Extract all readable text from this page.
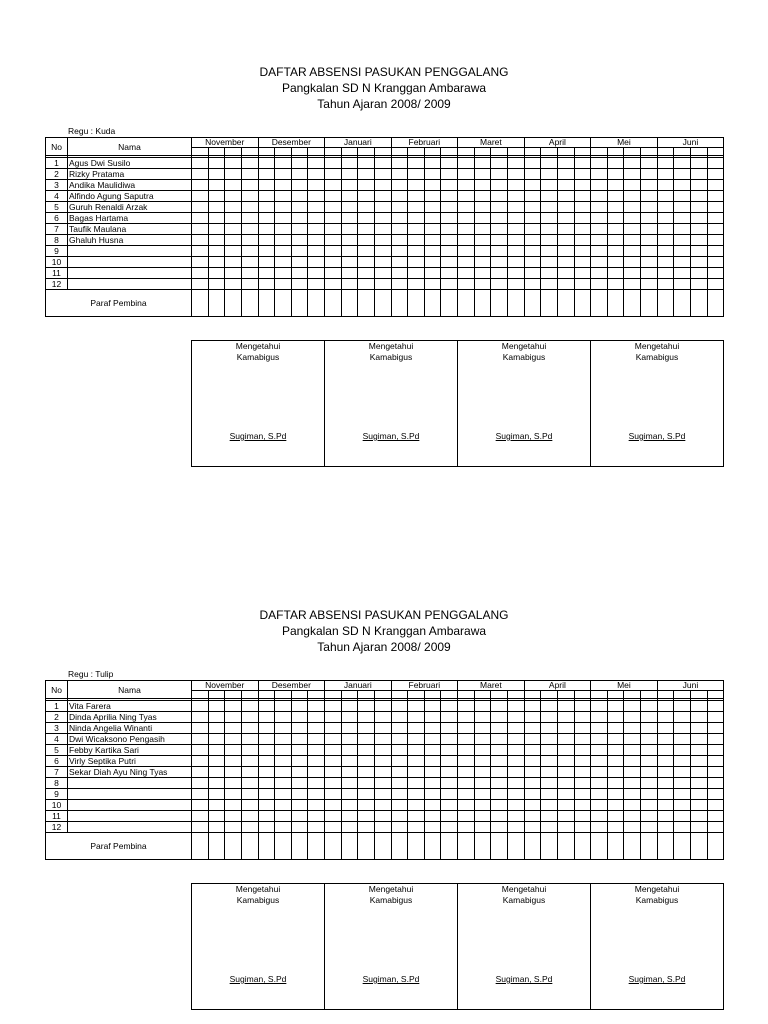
DAFTAR ABSENSI PASUKAN PENGGALANG
Pangkalan SD N Kranggan Ambarawa
Tahun Ajaran 2008/ 2009
Regu : Kuda
No	Nama	November				Desember				Januari				Februari				Maret				April				Mei				Juni			

1	Agus Dwi Susilo																																
2	Rizky Pratama																																
3	Andika Maulidiwa																																
4	Alfindo Agung Saputra																																
5	Guruh Renaldi Arzak																																
6	Bagas Hartama																																
7	Taufik Maulana																																
8	Ghaluh Husna																																
9																																	
10																																	
11																																	
12																																	
Paraf Pembina																																	
Mengetahui
Kamabigus
Sugiman, S.Pd
Mengetahui
Kamabigus
Sugiman, S.Pd
Mengetahui
Kamabigus
Sugiman, S.Pd
Mengetahui
Kamabigus
Sugiman, S.Pd
DAFTAR ABSENSI PASUKAN PENGGALANG
Pangkalan SD N Kranggan Ambarawa
Tahun Ajaran 2008/ 2009
Regu : Tulip
No	Nama	November				Desember				Januari				Februari				Maret				April				Mei				Juni			

1	Vita Farera																																
2	Dinda Aprilia Ning Tyas																																
3	Ninda Angelia Winanti																																
4	Dwi Wicaksono Pengasih																																
5	Febby Kartika Sari																																
6	Virly Septika Putri																																
7	Sekar Diah Ayu Ning Tyas																																
8																																	
9																																	
10																																	
11																																	
12																																	
Paraf Pembina																																	
Mengetahui
Kamabigus
Sugiman, S.Pd
Mengetahui
Kamabigus
Sugiman, S.Pd
Mengetahui
Kamabigus
Sugiman, S.Pd
Mengetahui
Kamabigus
Sugiman, S.Pd
